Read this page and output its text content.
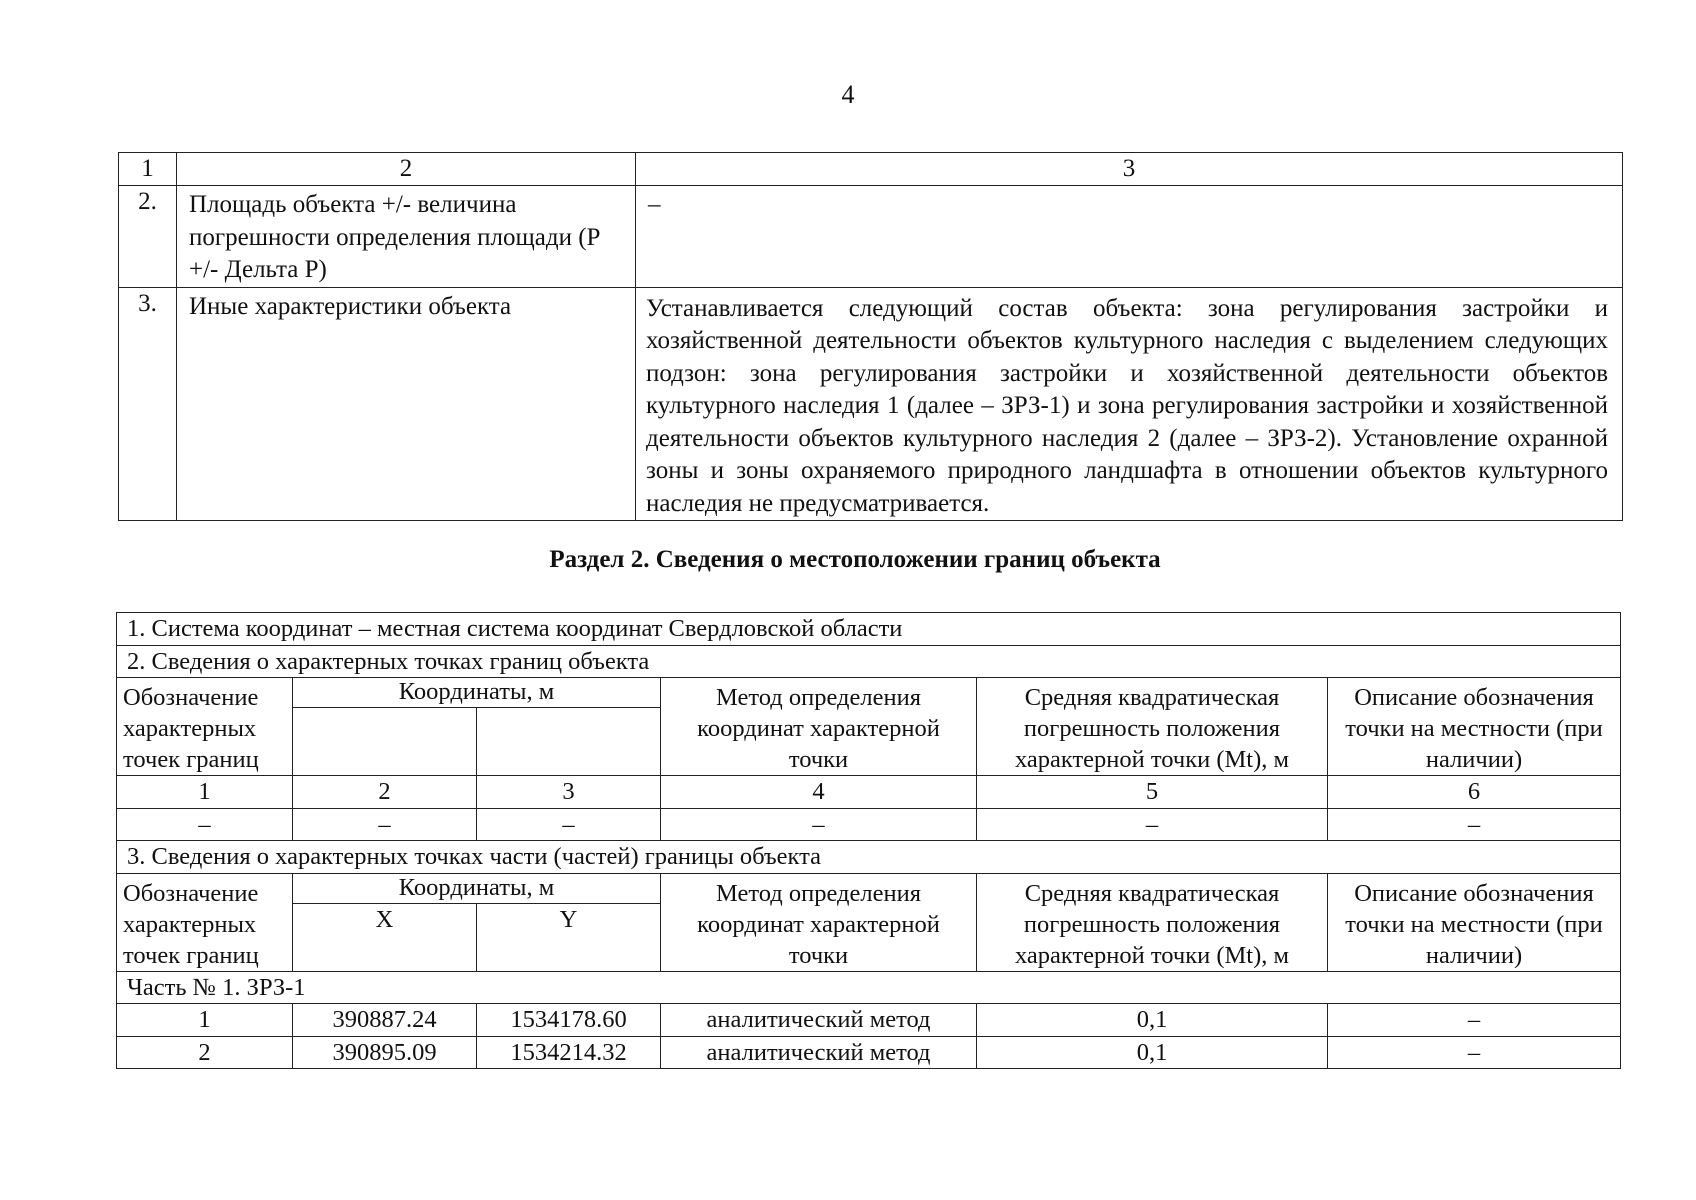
4
1	2	3
2.	Площадь объекта +/- величина погрешности определения площади (Р +/- Дельта Р)	–
3.	Иные характеристики объекта	Устанавливается следующий состав объекта: зона регулирования застройки и хозяйственной деятельности объектов культурного наследия с выделением следующих подзон: зона регулирования застройки и хозяйственной деятельности объектов культурного наследия 1 (далее – ЗРЗ-1) и зона регулирования застройки и хозяйственной деятельности объектов культурного наследия 2 (далее – ЗРЗ-2). Установление охранной зоны и зоны охраняемого природного ландшафта в отношении объектов культурного наследия не предусматривается.
Раздел 2. Сведения о местоположении границ объекта
1. Система координат – местная система координат Свердловской области					
2. Сведения о характерных точках границ объекта					
Обозначение характерных точек границ	Координаты, м		Метод определения координат характерной точки	Средняя квадратическая погрешность положения характерной точки (Mt), м	Описание обозначения точки на местности (при наличии)

1	2	3	4	5	6
–	–	–	–	–	–
3. Сведения о характерных точках части (частей) границы объекта					
Обозначение характерных точек границ	Координаты, м		Метод определения координат характерной точки	Средняя квадратическая погрешность положения характерной точки (Mt), м	Описание обозначения точки на местности (при наличии)
	X	Y			
Часть № 1. ЗРЗ-1					
1	390887.24	1534178.60	аналитический метод	0,1	–
2	390895.09	1534214.32	аналитический метод	0,1	–
